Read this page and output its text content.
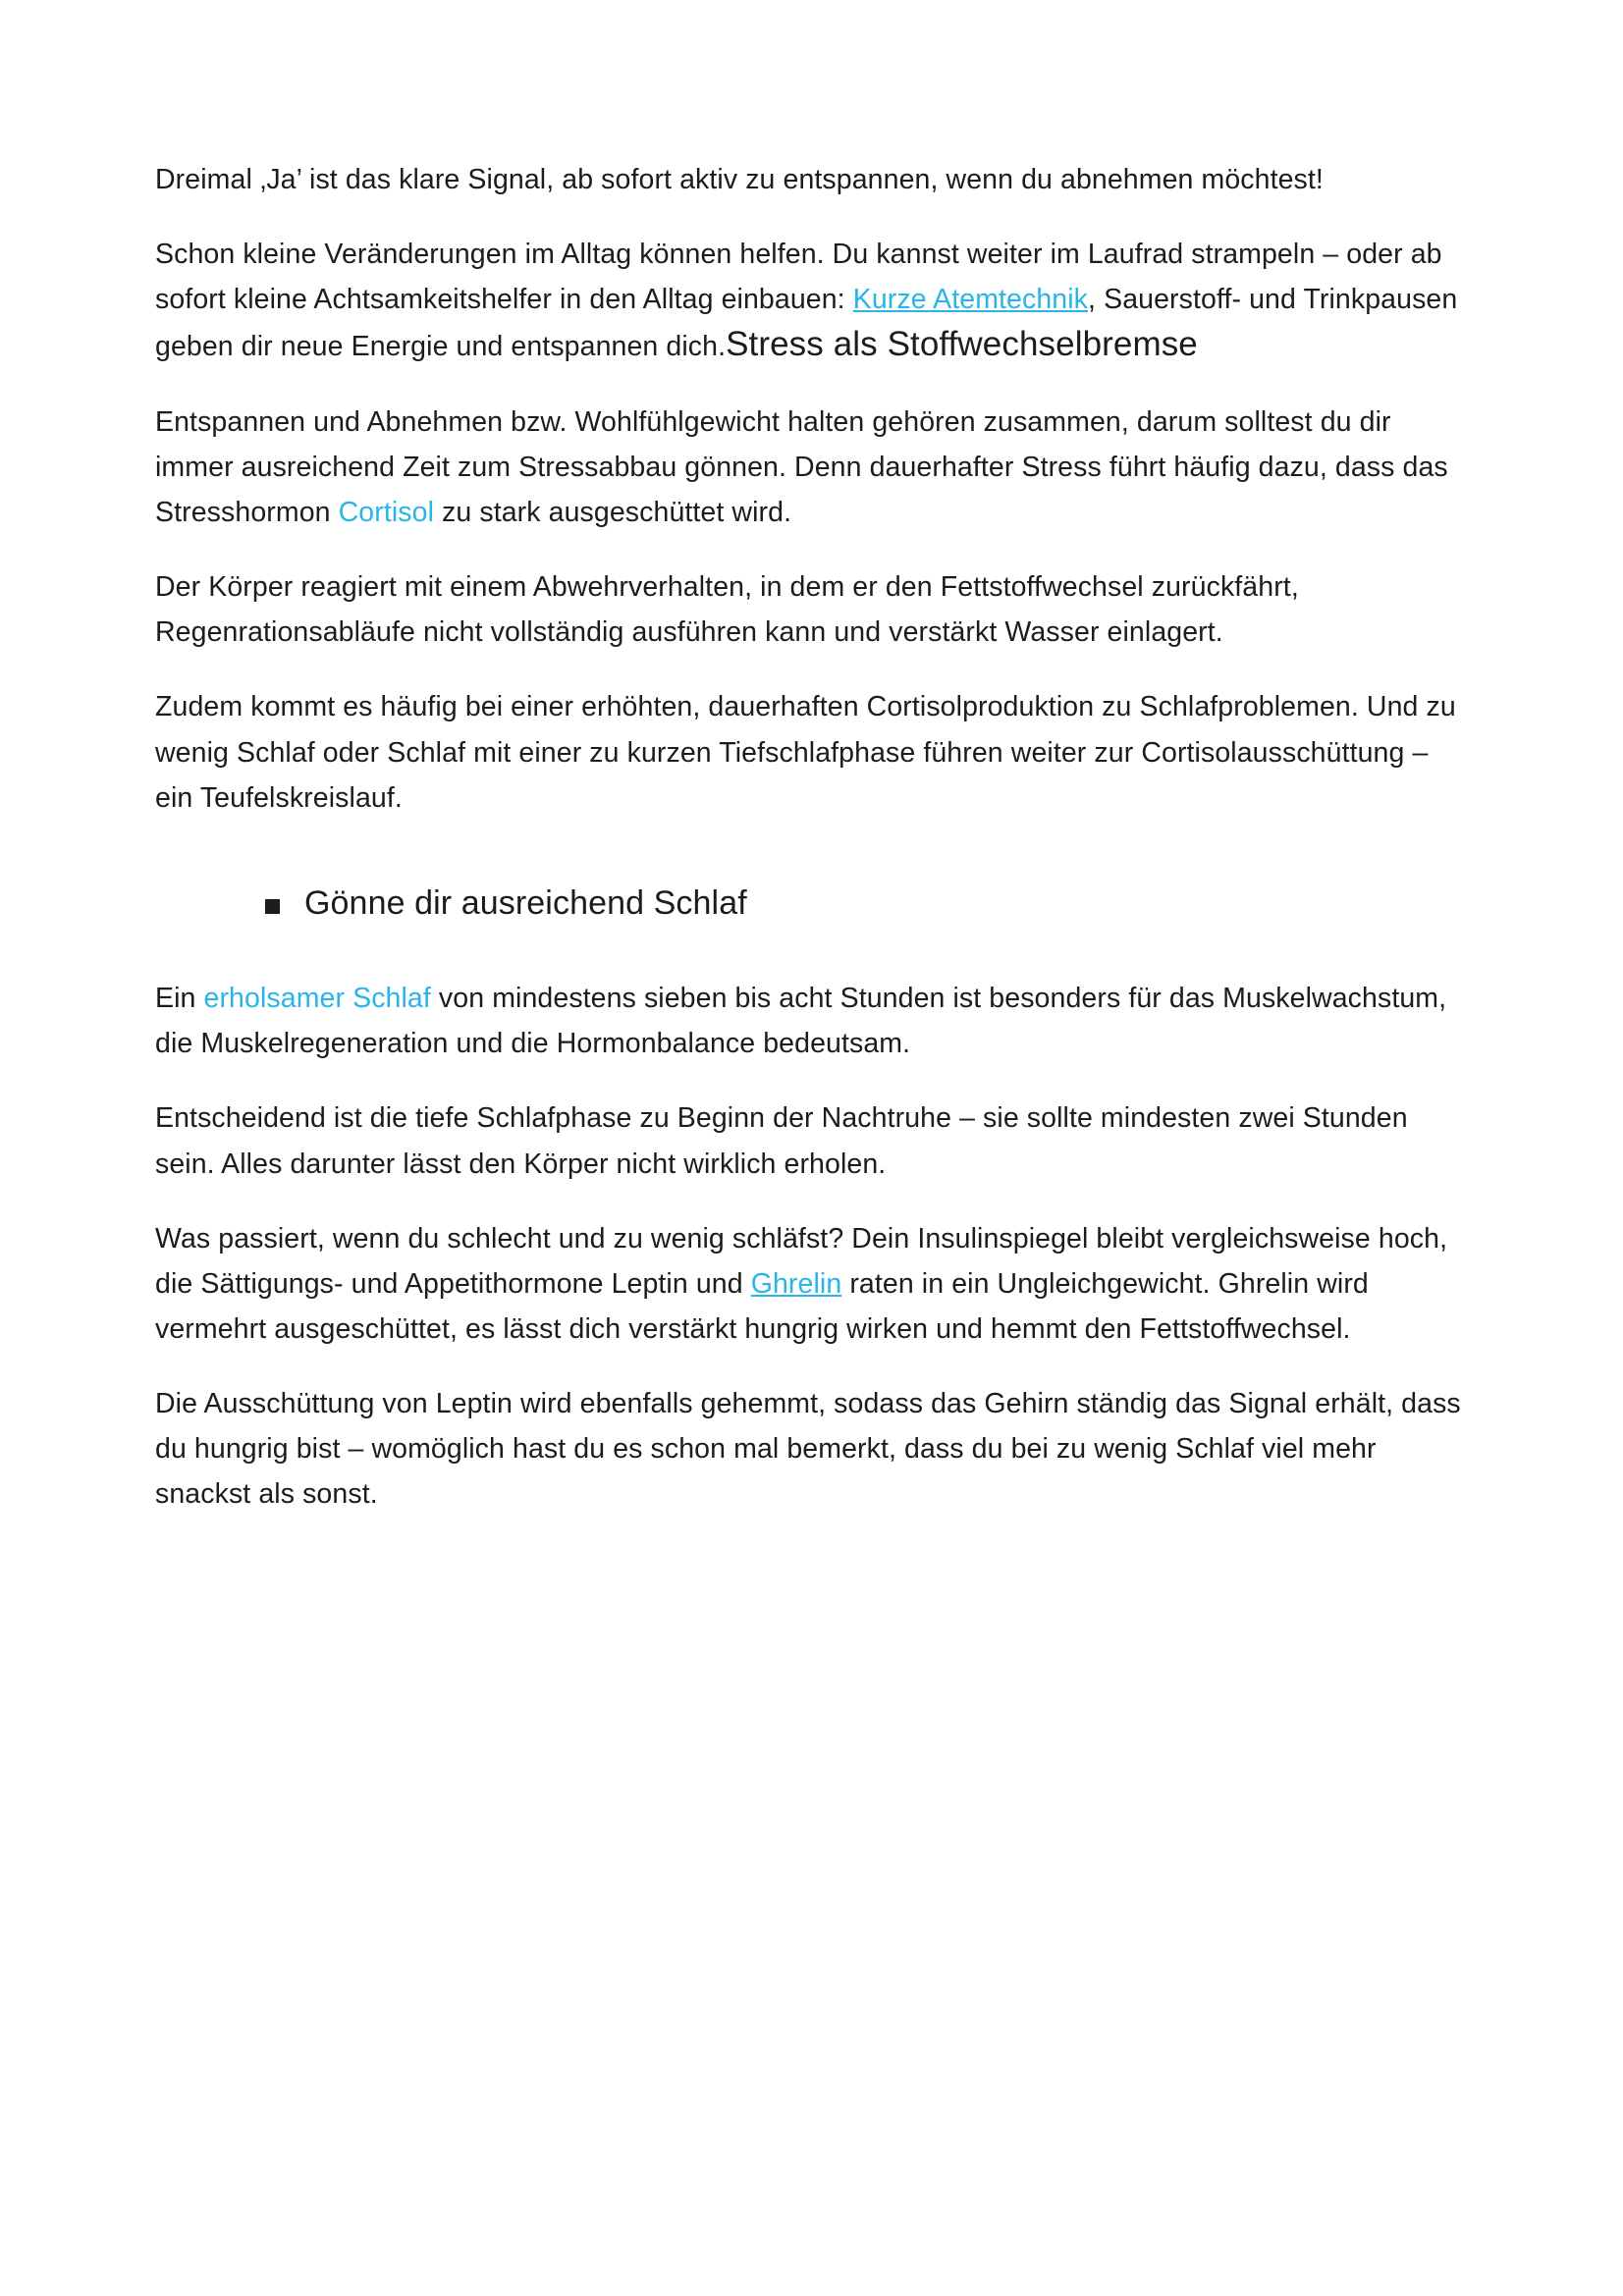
Dreimal ‚Ja’ ist das klare Signal, ab sofort aktiv zu entspannen, wenn du abnehmen möchtest!

Schon kleine Veränderungen im Alltag können helfen. Du kannst weiter im Laufrad strampeln – oder ab sofort kleine Achtsamkeitshelfer in den Alltag einbauen: Kurze Atemtechnik, Sauerstoff- und Trinkpausen geben dir neue Energie und entspannen dich.Stress als Stoffwechselbremse

Entspannen und Abnehmen bzw. Wohlfühlgewicht halten gehören zusammen, darum solltest du dir immer ausreichend Zeit zum Stressabbau gönnen. Denn dauerhafter Stress führt häufig dazu, dass das Stresshormon Cortisol zu stark ausgeschüttet wird.

Der Körper reagiert mit einem Abwehrverhalten, in dem er den Fettstoffwechsel zurückfährt, Regenrationsabläufe nicht vollständig ausführen kann und verstärkt Wasser einlagert.

Zudem kommt es häufig bei einer erhöhten, dauerhaften Cortisolproduktion zu Schlafproblemen. Und zu wenig Schlaf oder Schlaf mit einer zu kurzen Tiefschlafphase führen weiter zur Cortisolausschüttung – ein Teufelskreislauf.

Gönne dir ausreichend Schlaf

Ein erholsamer Schlaf von mindestens sieben bis acht Stunden ist besonders für das Muskelwachstum, die Muskelregeneration und die Hormonbalance bedeutsam.

Entscheidend ist die tiefe Schlafphase zu Beginn der Nachtruhe – sie sollte mindesten zwei Stunden sein. Alles darunter lässt den Körper nicht wirklich erholen.

Was passiert, wenn du schlecht und zu wenig schläfst? Dein Insulinspiegel bleibt vergleichsweise hoch, die Sättigungs- und Appetithormone Leptin und Ghrelin raten in ein Ungleichgewicht. Ghrelin wird vermehrt ausgeschüttet, es lässt dich verstärkt hungrig wirken und hemmt den Fettstoffwechsel.

Die Ausschüttung von Leptin wird ebenfalls gehemmt, sodass das Gehirn ständig das Signal erhält, dass du hungrig bist – womöglich hast du es schon mal bemerkt, dass du bei zu wenig Schlaf viel mehr snackst als sonst.
